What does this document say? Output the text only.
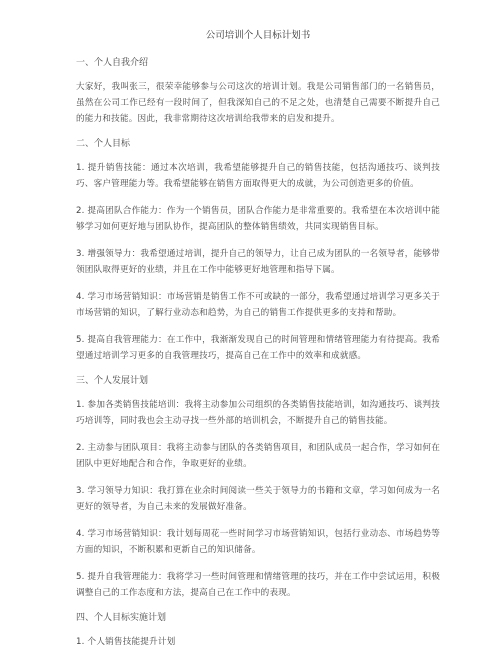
公司培训个人目标计划书
一、个人自我介绍

大家好，我叫张三，很荣幸能够参与公司这次的培训计划。我是公司销售部门的一名销售员，虽然在公司工作已经有一段时间了，但我深知自己的不足之处，也清楚自己需要不断提升自己的能力和技能。因此，我非常期待这次培训给我带来的启发和提升。

二、个人目标

1. 提升销售技能：通过本次培训，我希望能够提升自己的销售技能，包括沟通技巧、谈判技巧、客户管理能力等。我希望能够在销售方面取得更大的成就，为公司创造更多的价值。

2. 提高团队合作能力：作为一个销售员，团队合作能力是非常重要的。我希望在本次培训中能够学习如何更好地与团队协作，提高团队的整体销售绩效，共同实现销售目标。

3. 增强领导力：我希望通过培训，提升自己的领导力，让自己成为团队的一名领导者，能够带领团队取得更好的业绩，并且在工作中能够更好地管理和指导下属。

4. 学习市场营销知识：市场营销是销售工作不可或缺的一部分，我希望通过培训学习更多关于市场营销的知识，了解行业动态和趋势，为自己的销售工作提供更多的支持和帮助。

5. 提高自我管理能力：在工作中，我渐渐发现自己的时间管理和情绪管理能力有待提高。我希望通过培训学习更多的自我管理技巧，提高自己在工作中的效率和成就感。

三、个人发展计划

1. 参加各类销售技能培训：我将主动参加公司组织的各类销售技能培训，如沟通技巧、谈判技巧培训等，同时我也会主动寻找一些外部的培训机会，不断提升自己的销售技能。

2. 主动参与团队项目：我将主动参与团队的各类销售项目，和团队成员一起合作，学习如何在团队中更好地配合和合作，争取更好的业绩。

3. 学习领导力知识：我打算在业余时间阅读一些关于领导力的书籍和文章，学习如何成为一名更好的领导者，为自己未来的发展做好准备。

4. 学习市场营销知识：我计划每周花一些时间学习市场营销知识，包括行业动态、市场趋势等方面的知识，不断积累和更新自己的知识储备。

5. 提升自我管理能力：我将学习一些时间管理和情绪管理的技巧，并在工作中尝试运用，积极调整自己的工作态度和方法，提高自己在工作中的表现。

四、个人目标实施计划

1. 个人销售技能提升计划
